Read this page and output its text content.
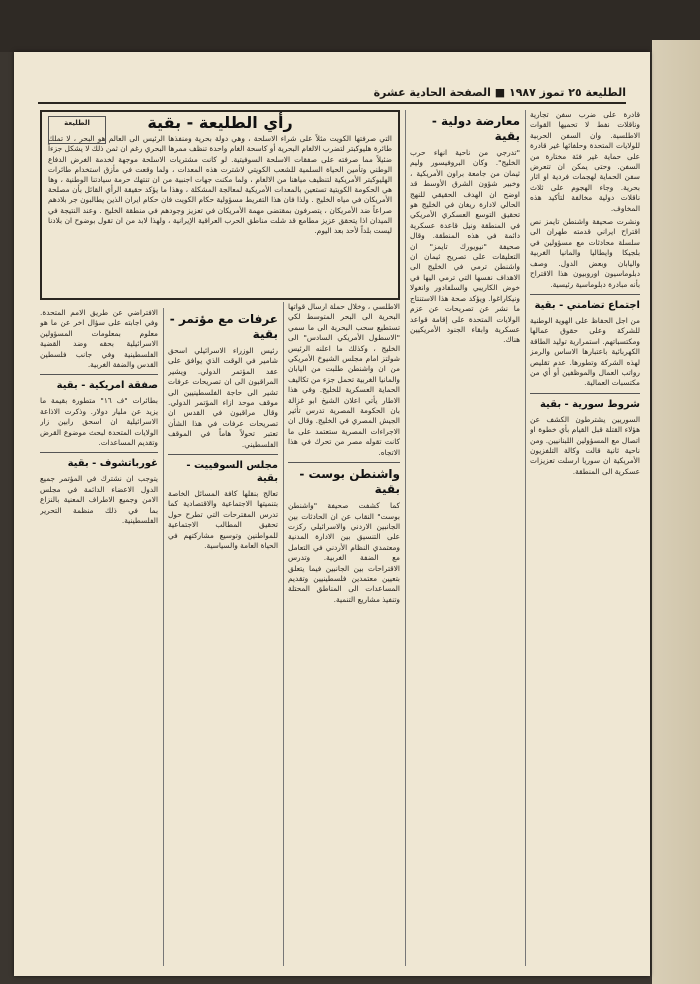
الطليعة ٢٥ تموز ١٩٨٧ ■ الصفحة الحادية عشرة

قادرة على ضرب سفن تجارية وناقلات نفط لا تحميها القوات الاطلسية. وان السفن الحربية للولايات المتحدة وحلفائها غير قادرة على حماية غير فئة مختارة من السفن. وحتى يمكن ان تتعرض سفن الحماية لهجمات فردية او اثار بحرية. وجاء الهجوم على ثلاث ناقلات دولية مخالفة لتأكيد هذه المخاوف.

ونشرت صحيفة واشنطن تايمز نص اقتراح ايراني قدمته طهران الى سلسلة محادثات مع مسؤولين في بلجيكا وايطاليا والمانيا الغربية واليابان وبعض الدول. وصف دبلوماسيون اوروبيون هذا الاقتراح بأنه مبادرة دبلوماسية رئيسية.

اجتماع تضامني - بقية

من اجل الحفاظ على الهوية الوطنية للشركة وعلى حقوق عمالها ومكتسباتهم. استمرارية توليد الطاقة الكهربائية باعتبارها الاساس والرمز لهذه الشركة وتطورها. عدم تقليص رواتب العمال والموظفين أو أي من مكتسبات العمالية.

شروط سورية - بقية

السوريين يشترطون الكشف عن هؤلاء القتلة قبل القيام بأي خطوة او اتصال مع المسؤولين اللبنانيين. ومن ناحية ثانية قالت وكالة التلفزيون الأمريكية ان سوريا ارسلت تعزيزات عسكرية الى المنطقة.

معارضة دولية - بقية

"تدرجي من ناحية انهاء حرب الخليج". وكان البروفيسور وليم ثيمان من جامعة براون الأمريكية ، وخبير شؤون الشرق الأوسط قد اوضح ان الهدف الحقيقي للنهج الحالي لادارة ريغان في الخليج هو تحقيق التوسع العسكري الأمريكي في المنطقة ونيل قاعدة عسكرية دائمة في هذه المنطقة. وقال صحيفة "نيويورك تايمز" ان التعليقات على تصريح ثيمان ان واشنطن ترمي في الخليج الى الاهداف نفسها التي ترمي اليها في خوض الكاريبي والسلفادور وانغولا ونيكاراغوا. ويؤكد صحة هذا الاستنتاج ما نشر عن تصريحات عن عزم الولايات المتحدة على إقامة قواعد عسكرية وابقاء الجنود الأمريكيين هناك.

الاطلسي ، وخلال حملة ارسال قواتها البحرية الى البحر المتوسط لكي تستطيع سحب البحرية الى ما سمي "الاسطول الأمريكي السادس" الى الخليج ، وكذلك ما اعلنه الرئيس شولتز امام مجلس الشيوخ الأمريكي من ان واشنطن طلبت من اليابان والمانيا الغربية تحمل جزء من تكاليف الحماية العسكرية للخليج. وفي هذا الاطار يأتي اعلان الشيخ ابو غزالة بان الحكومة المصرية تدرس تأثير الجيش المصري في الخليج. وقال ان الاجراءات المصرية ستعتمد على ما كانت تقوله مصر من تحرك في هذا الاتجاه.

واشنطن بوست - بقية

كما كشفت صحيفة "واشنطن بوست" النقاب عن ان الحادثات بين الجانبين الاردني والاسرائيلي ركزت على التنسيق بين الادارة المدنية ومعتمدي النظام الأردني في التعامل مع الضفة الغربية. وتدرس الاقتراحات بين الجانبين فيما يتعلق بتعيين معتمدين فلسطينيين وتقديم المساعدات الى المناطق المحتلة وتنفيذ مشاريع التنمية.

عرفات مع مؤتمر - بقية

رئيس الوزراء الاسرائيلي اسحق شامير في الوقت الذي يوافق على عقد المؤتمر الدولي. ويشير المراقبون الى ان تصريحات عرفات تشير الى حاجة الفلسطينيين الى موقف موحد ازاء المؤتمر الدولي. وقال مراقبون في القدس ان تصريحات عرفات في هذا الشأن تعتبر تحولاً هاماً في الموقف الفلسطيني.

مجلس السوفييت - بقية

تعالج بنقلها كافة المسائل الخاصة بتنميتها الاجتماعية والاقتصادية كما تدرس المقترحات التي تطرح حول تحقيق المطالب الاجتماعية للمواطنين وتوسيع مشاركتهم في الحياة العامة والسياسية.

الافتراضي عن طريق الامم المتحدة. وفي اجابته على سؤال اخر عن ما هو معلوم بمعلومات المسؤولين الاسرائيلية بحقه وضد القضية الفلسطينية وفي جانب فلسطين القدس والضفة الغربية.

صفقة امريكية - بقية

بطائرات "ف ١٦" متطورة بقيمة ما يزيد عن مليار دولار. وذكرت الاذاعة الاسرائيلية ان اسحق رابين زار الولايات المتحدة لبحث موضوع القرض وتقديم المساعدات.

غورباتشوف - بقية

يتوجب ان نشترك في المؤتمر جميع الدول الاعضاء الدائمة في مجلس الامن وجميع الاطراف المعنية بالنزاع بما في ذلك منظمة التحرير الفلسطينية.

الطليعة	رأي الطليعة - بقية
التي صرفتها الكويت مثلاً على شراء الاسلحة ، وهي دولة بحرية ومنفذها الرئيس الى العالم هو البحر ، لا تملك طائرة هليوكبتر لتضرب الالغام البحرية أو كاسحة الغام واحدة تنظف ممرها البحري رغم ان ثمن ذلك لا يشكل جزءاً ضئيلاً مما صرفته على صفقات الاسلحة السوفيتية. لو كانت مشتريات الاسلحة موجهة لخدمة الغرض الدفاع الوطني وتأمين الحياة السلمية للشعب الكويتي لاشترت هذه المعدات ، ولما وقعت في مأزق استخدام طائرات الهليوكبتر الأمريكية لتنظيف مياهنا من الالغام ، ولما مكنت جهات اجنبية من ان تنتهك حرمة سيادتنا الوطنية ، وها هي الحكومة الكويتية تستعين بالمعدات الأمريكية لمعالجة المشكلة ، وهذا ما يؤكد حقيقة الرأي القائل بأن مصلحة الأمريكان في مياه الخليج . ولذا فان هذا التفريط مسؤولية حكام الكويت فان حكام ايران الذين يطالبون جر بلادهم صراعاً ضد الأمريكان ، يتصرفون بمقتضى مهمة الأمريكان في تعزيز وجودهم في منطقة الخليج . وعند النتيجة في الميدان اذا يتحقق عزيز مطامع قد شلت مناطق الحرب العراقية الإيرانية ، ولهذا لابد من ان تقول بوضوح ان بلادنا ليست بلداً لأحد بعد اليوم.
